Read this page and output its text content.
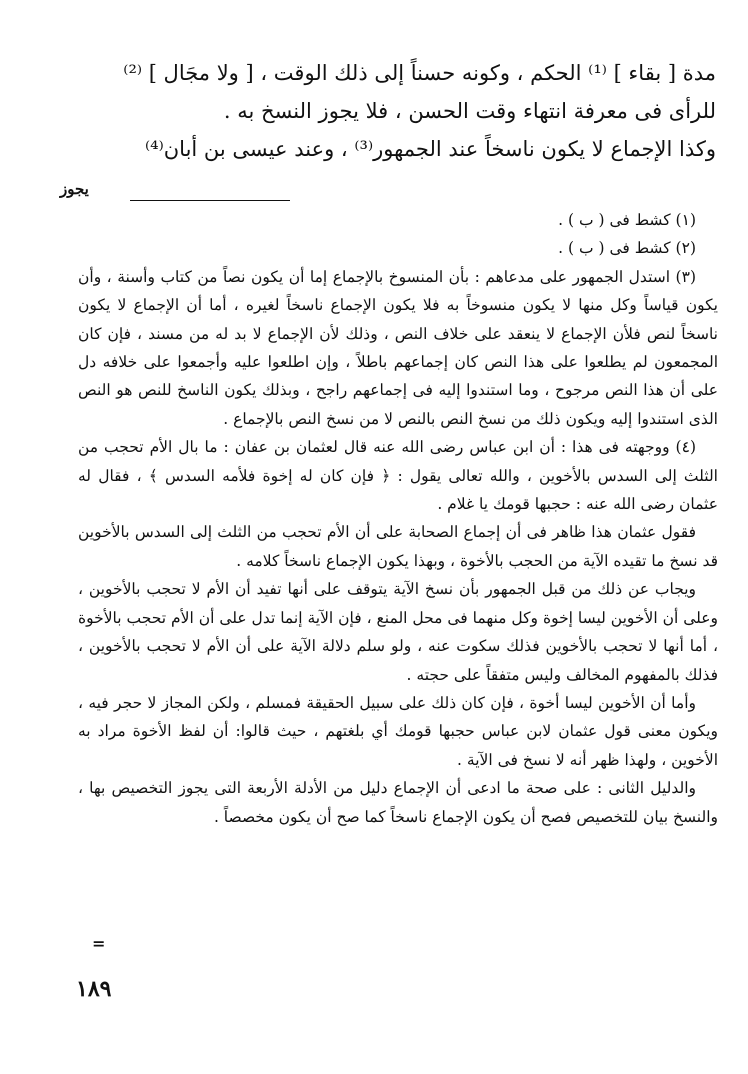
مدة [ بقاء ] ⁽¹⁾ الحكم ، وكونه حسناً إلى ذلك الوقت ، [ ولا مجَال ] ⁽²⁾

للرأى فى معرفة انتهاء وقت الحسن ، فلا يجوز النسخ به .

وكذا الإجماع لا يكون ناسخاً عند الجمهور⁽³⁾ ، وعند عيسى بن أبان⁽⁴⁾

يجوز

(١) كشط فى ( ب ) .

(٢) كشط فى ( ب ) .

(٣) استدل الجمهور على مدعاهم : بأن المنسوخ بالإجماع إما أن يكون نصاً من كتاب وأسنة ، وأن يكون قياساً وكل منها لا يكون منسوخاً به فلا يكون الإجماع ناسخاً لغيره ، أما أن الإجماع لا يكون ناسخاً لنص فلأن الإجماع لا ينعقد على خلاف النص ، وذلك لأن الإجماع لا بد له من مسند ، فإن كان المجمعون لم يطلعوا على هذا النص كان إجماعهم باطلاً ، وإن اطلعوا عليه وأجمعوا على خلافه دل على أن هذا النص مرجوح ، وما استندوا إليه فى إجماعهم راجح ، وبذلك يكون الناسخ للنص هو النص الذى استندوا إليه ويكون ذلك من نسخ النص بالنص لا من نسخ النص بالإجماع .

(٤) ووجهته فى هذا : أن ابن عباس رضى الله عنه قال لعثمان بن عفان : ما بال الأم تحجب من الثلث إلى السدس بالأخوين ، والله تعالى يقول : ﴿ فإن كان له إخوة فلأمه السدس ﴾ ، فقال له عثمان رضى الله عنه : حجبها قومك يا غلام .

فقول عثمان هذا ظاهر فى أن إجماع الصحابة على أن الأم تحجب من الثلث إلى السدس بالأخوين قد نسخ ما تقيده الآية من الحجب بالأخوة ، وبهذا يكون الإجماع ناسخاً كلامه .

ويجاب عن ذلك من قبل الجمهور بأن نسخ الآية يتوقف على أنها تفيد أن الأم لا تحجب بالأخوين ، وعلى أن الأخوين ليسا إخوة وكل منهما فى محل المنع ، فإن الآية إنما تدل على أن الأم تحجب بالأخوة ، أما أنها لا تحجب بالأخوين فذلك سكوت عنه ، ولو سلم دلالة الآية على أن الأم لا تحجب بالأخوين ، فذلك بالمفهوم المخالف وليس متفقاً على حجته .

وأما أن الأخوين ليسا أخوة ، فإن كان ذلك على سبيل الحقيقة فمسلم ، ولكن المجاز لا حجر فيه ، ويكون معنى قول عثمان لابن عباس حجبها قومك أي بلغتهم ، حيث قالوا: أن لفظ الأخوة مراد به الأخوين ، ولهذا ظهر أنه لا نسخ فى الآية .

والدليل الثانى : على صحة ما ادعى أن الإجماع دليل من الأدلة الأربعة التى يجوز التخصيص بها ، والنسخ بيان للتخصيص فصح أن يكون الإجماع ناسخاً كما صح أن يكون مخصصاً .

=
١٨٩
